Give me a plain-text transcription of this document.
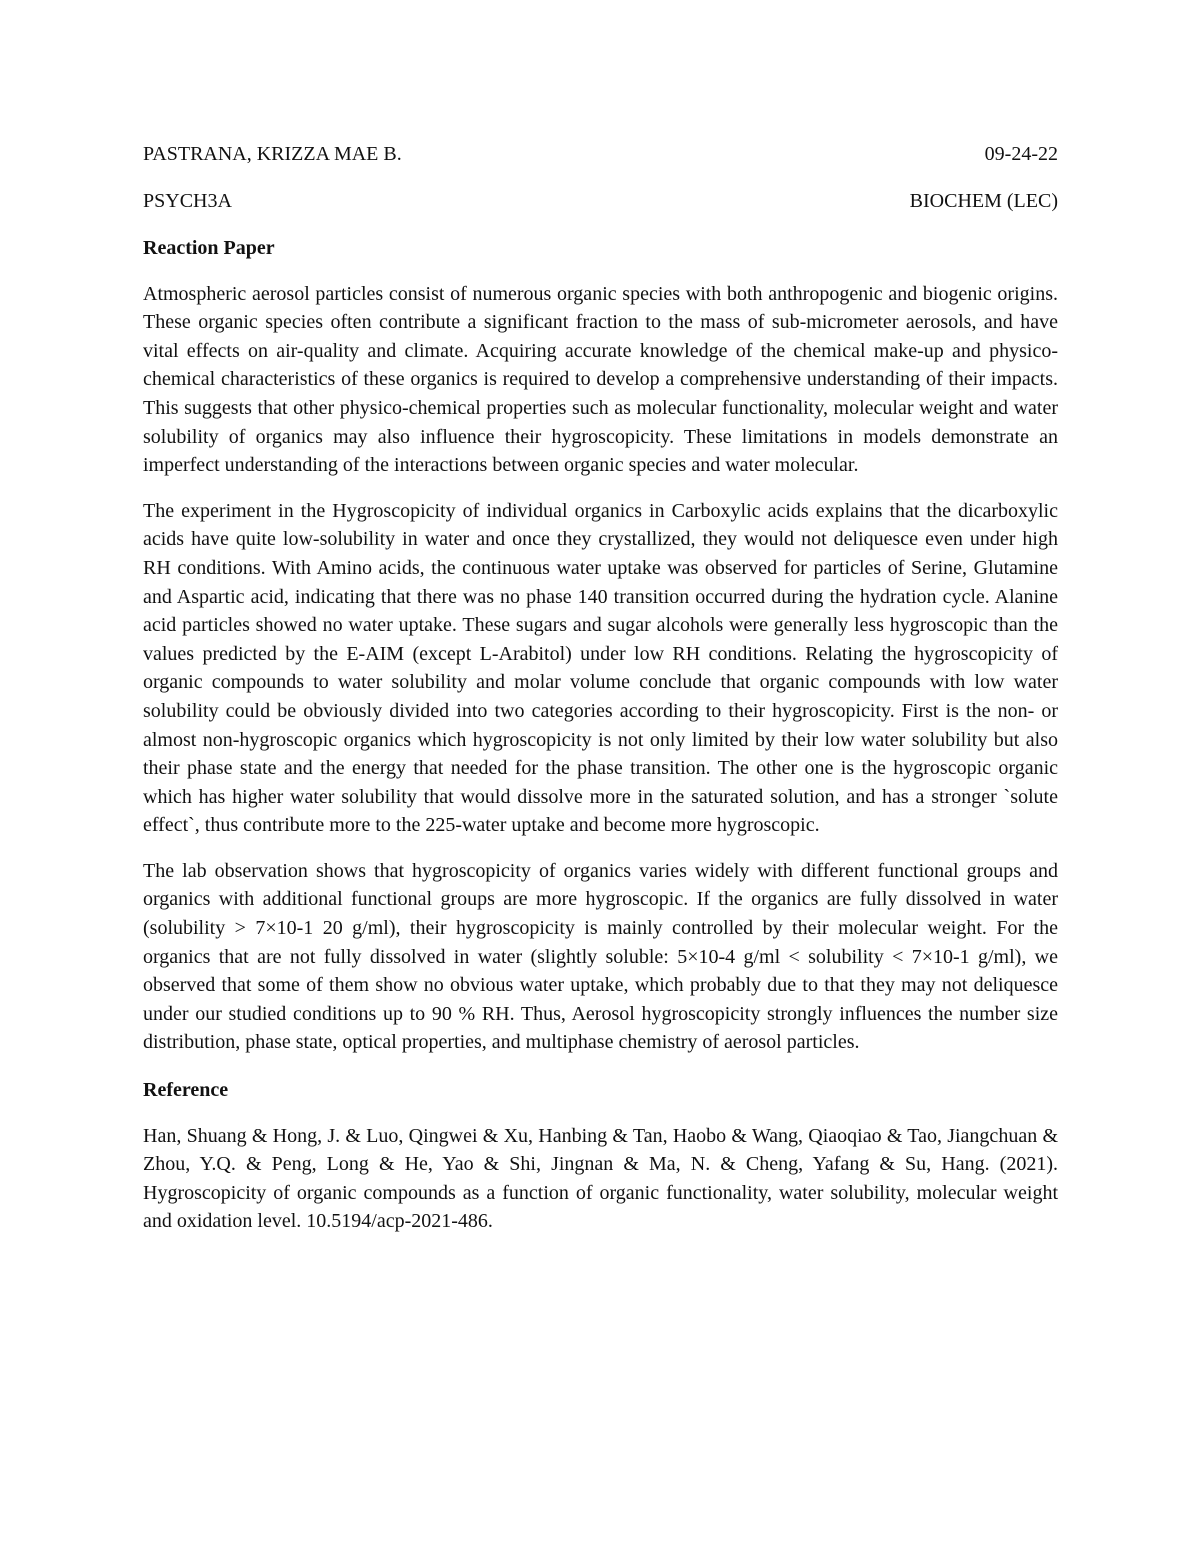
PASTRANA, KRIZZA MAE B.	09-24-22
PSYCH3A	BIOCHEM (LEC)
Reaction Paper

Atmospheric aerosol particles consist of numerous organic species with both anthropogenic and biogenic origins. These organic species often contribute a significant fraction to the mass of sub-micrometer aerosols, and have vital effects on air-quality and climate. Acquiring accurate knowledge of the chemical make-up and physico-chemical characteristics of these organics is required to develop a comprehensive understanding of their impacts. This suggests that other physico-chemical properties such as molecular functionality, molecular weight and water solubility of organics may also influence their hygroscopicity. These limitations in models demonstrate an imperfect understanding of the interactions between organic species and water molecular.

The experiment in the Hygroscopicity of individual organics in Carboxylic acids explains that the dicarboxylic acids have quite low-solubility in water and once they crystallized, they would not deliquesce even under high RH conditions. With Amino acids, the continuous water uptake was observed for particles of Serine, Glutamine and Aspartic acid, indicating that there was no phase 140 transition occurred during the hydration cycle. Alanine acid particles showed no water uptake. These sugars and sugar alcohols were generally less hygroscopic than the values predicted by the E-AIM (except L-Arabitol) under low RH conditions. Relating the hygroscopicity of organic compounds to water solubility and molar volume conclude that organic compounds with low water solubility could be obviously divided into two categories according to their hygroscopicity. First is the non- or almost non-hygroscopic organics which hygroscopicity is not only limited by their low water solubility but also their phase state and the energy that needed for the phase transition. The other one is the hygroscopic organic which has higher water solubility that would dissolve more in the saturated solution, and has a stronger `solute effect`, thus contribute more to the 225-water uptake and become more hygroscopic.

The lab observation shows that hygroscopicity of organics varies widely with different functional groups and organics with additional functional groups are more hygroscopic. If the organics are fully dissolved in water (solubility > 7×10-1 20 g/ml), their hygroscopicity is mainly controlled by their molecular weight. For the organics that are not fully dissolved in water (slightly soluble: 5×10-4 g/ml < solubility < 7×10-1 g/ml), we observed that some of them show no obvious water uptake, which probably due to that they may not deliquesce under our studied conditions up to 90 % RH. Thus, Aerosol hygroscopicity strongly influences the number size distribution, phase state, optical properties, and multiphase chemistry of aerosol particles.

Reference

Han, Shuang & Hong, J. & Luo, Qingwei & Xu, Hanbing & Tan, Haobo & Wang, Qiaoqiao & Tao, Jiangchuan & Zhou, Y.Q. & Peng, Long & He, Yao & Shi, Jingnan & Ma, N. & Cheng, Yafang & Su, Hang. (2021). Hygroscopicity of organic compounds as a function of organic functionality, water solubility, molecular weight and oxidation level. 10.5194/acp-2021-486.
